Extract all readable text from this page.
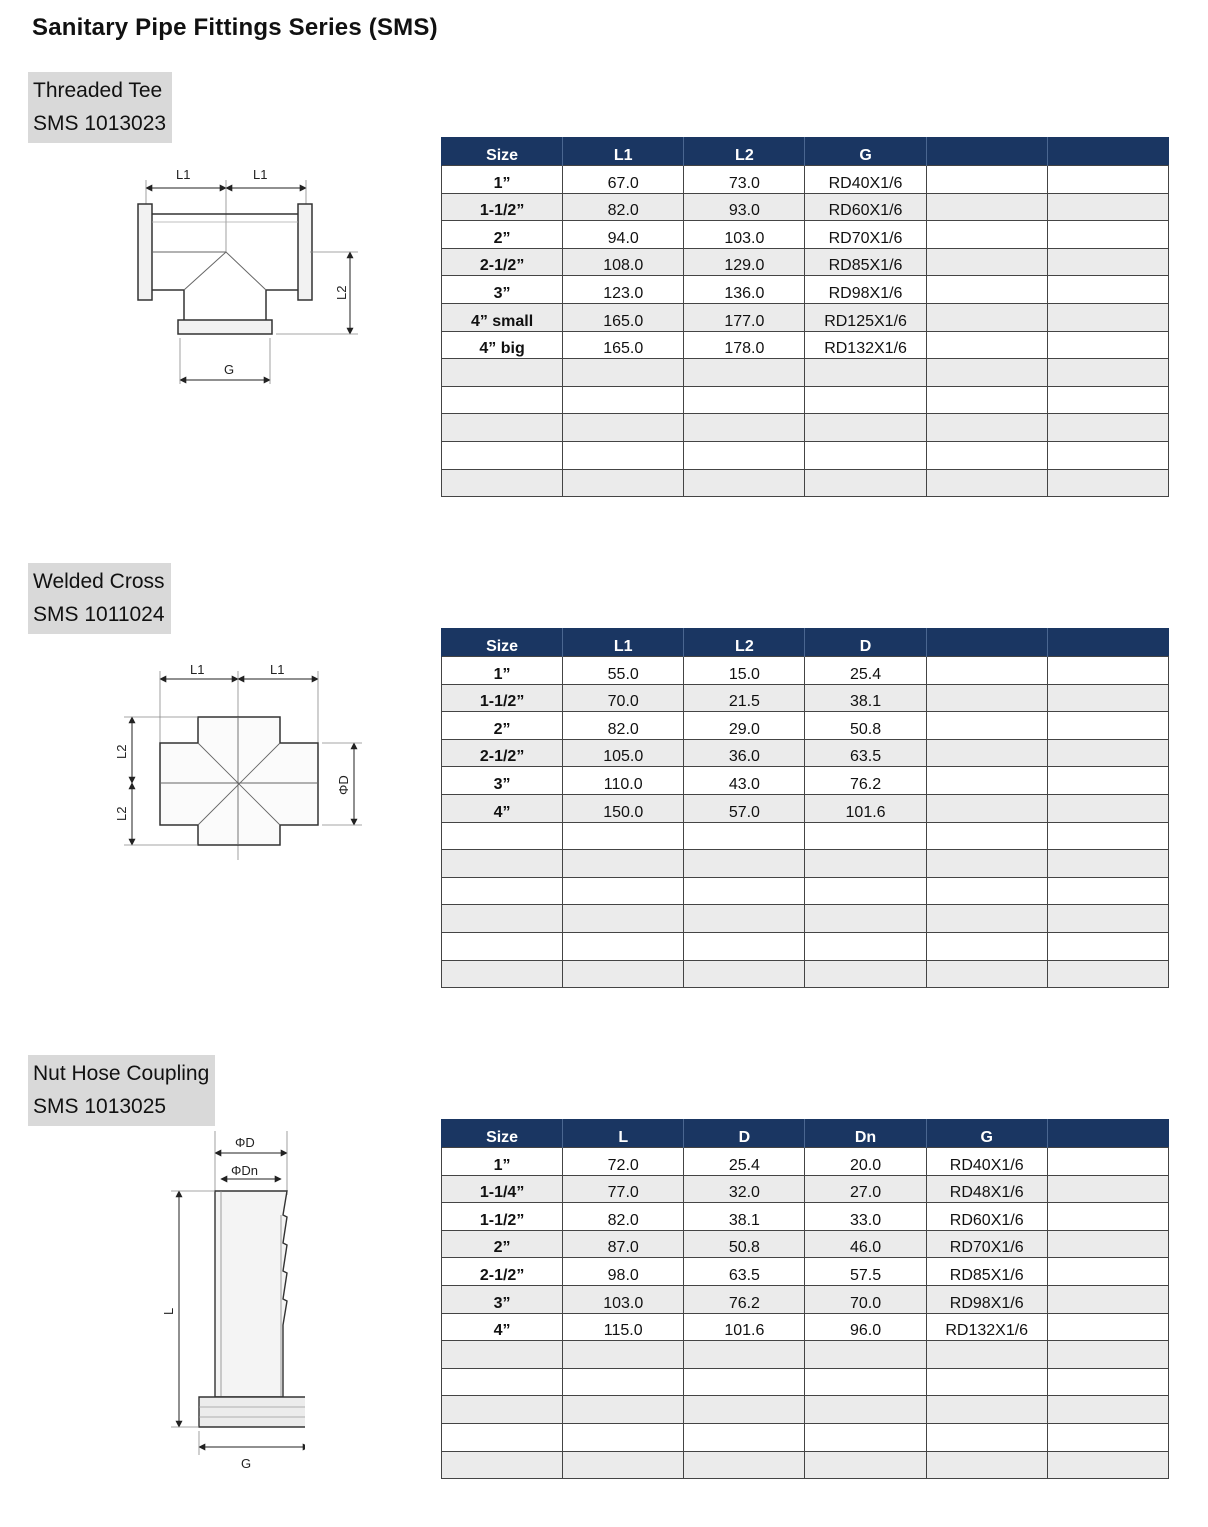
Sanitary Pipe Fittings Series (SMS)
Threaded Tee
SMS 1013023
L1	L1
L2
G
Size	L1	L2	G		
1”	67.0	73.0	RD40X1/6		
1-1/2”	82.0	93.0	RD60X1/6		
2”	94.0	103.0	RD70X1/6		
2-1/2”	108.0	129.0	RD85X1/6		
3”	123.0	136.0	RD98X1/6		
4” small	165.0	177.0	RD125X1/6		
4” big	165.0	178.0	RD132X1/6		

Welded Cross
SMS 1011024
L1	L1
L2
L2
ΦD
Size	L1	L2	D		
1”	55.0	15.0	25.4		
1-1/2”	70.0	21.5	38.1		
2”	82.0	29.0	50.8		
2-1/2”	105.0	36.0	63.5		
3”	110.0	43.0	76.2		
4”	150.0	57.0	101.6		

Nut Hose Coupling
SMS 1013025
ΦD
ΦDn
L
G
Size	L	D	Dn	G	
1”	72.0	25.4	20.0	RD40X1/6	
1-1/4”	77.0	32.0	27.0	RD48X1/6	
1-1/2”	82.0	38.1	33.0	RD60X1/6	
2”	87.0	50.8	46.0	RD70X1/6	
2-1/2”	98.0	63.5	57.5	RD85X1/6	
3”	103.0	76.2	70.0	RD98X1/6	
4”	115.0	101.6	96.0	RD132X1/6	
